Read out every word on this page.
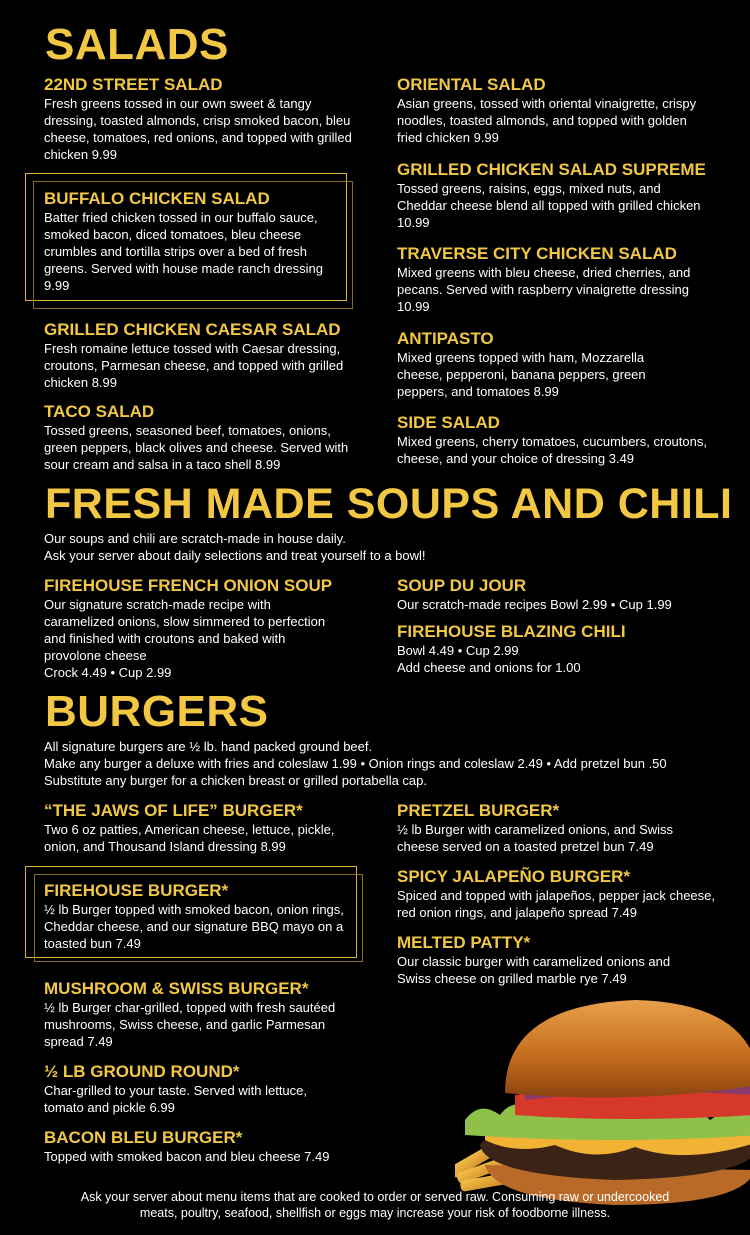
SALADS
22ND STREET SALAD
Fresh greens tossed in our own sweet & tangy dressing, toasted almonds, crisp smoked bacon, bleu cheese, tomatoes, red onions, and topped with grilled chicken 9.99
BUFFALO CHICKEN SALAD
Batter fried chicken tossed in our buffalo sauce, smoked bacon, diced tomatoes, bleu cheese crumbles and tortilla strips over a bed of fresh greens. Served with house made ranch dressing 9.99
GRILLED CHICKEN CAESAR SALAD
Fresh romaine lettuce tossed with Caesar dressing, croutons, Parmesan cheese, and topped with grilled chicken 8.99
TACO SALAD
Tossed greens, seasoned beef, tomatoes, onions, green peppers, black olives and cheese. Served with sour cream and salsa in a taco shell 8.99
ORIENTAL SALAD
Asian greens, tossed with oriental vinaigrette, crispy noodles, toasted almonds, and topped with golden fried chicken 9.99
GRILLED CHICKEN SALAD SUPREME
Tossed greens, raisins, eggs, mixed nuts, and Cheddar cheese blend all topped with grilled chicken 10.99
TRAVERSE CITY CHICKEN SALAD
Mixed greens with bleu cheese, dried cherries, and pecans. Served with raspberry vinaigrette dressing 10.99
ANTIPASTO
Mixed greens topped with ham, Mozzarella cheese, pepperoni, banana peppers, green peppers, and tomatoes 8.99
SIDE SALAD
Mixed greens, cherry tomatoes, cucumbers, croutons, cheese, and your choice of dressing 3.49
FRESH MADE SOUPS AND CHILI
Our soups and chili are scratch-made in house daily.
Ask your server about daily selections and treat yourself to a bowl!
FIREHOUSE FRENCH ONION SOUP
Our signature scratch-made recipe with caramelized onions, slow simmered to perfection and finished with croutons and baked with provolone cheese
Crock 4.49 • Cup 2.99
SOUP DU JOUR
Our scratch-made recipes Bowl 2.99 • Cup 1.99
FIREHOUSE BLAZING CHILI
Bowl 4.49 • Cup 2.99
Add cheese and onions for 1.00
BURGERS
All signature burgers are ½ lb. hand packed ground beef.
Make any burger a deluxe with fries and coleslaw 1.99 • Onion rings and coleslaw 2.49 • Add pretzel bun .50
Substitute any burger for a chicken breast or grilled portabella cap.
“THE JAWS OF LIFE” BURGER*
Two 6 oz patties, American cheese, lettuce, pickle, onion, and Thousand Island dressing 8.99
FIREHOUSE BURGER*
½ lb Burger topped with smoked bacon, onion rings, Cheddar cheese, and our signature BBQ mayo on a toasted bun 7.49
MUSHROOM & SWISS BURGER*
½ lb Burger char-grilled, topped with fresh sautéed mushrooms, Swiss cheese, and garlic Parmesan spread 7.49
½ LB GROUND ROUND*
Char-grilled to your taste. Served with lettuce, tomato and pickle 6.99
BACON BLEU BURGER*
Topped with smoked bacon and bleu cheese 7.49
PRETZEL BURGER*
½ lb Burger with caramelized onions, and Swiss cheese served on a toasted pretzel bun 7.49
SPICY JALAPEÑO BURGER*
Spiced and topped with jalapeños, pepper jack cheese, red onion rings, and jalapeño spread 7.49
MELTED PATTY*
Our classic burger with caramelized onions and Swiss cheese on grilled marble rye 7.49
Ask your server about menu items that are cooked to order or served raw. Consuming raw or undercooked
meats, poultry, seafood, shellfish or eggs may increase your risk of foodborne illness.
